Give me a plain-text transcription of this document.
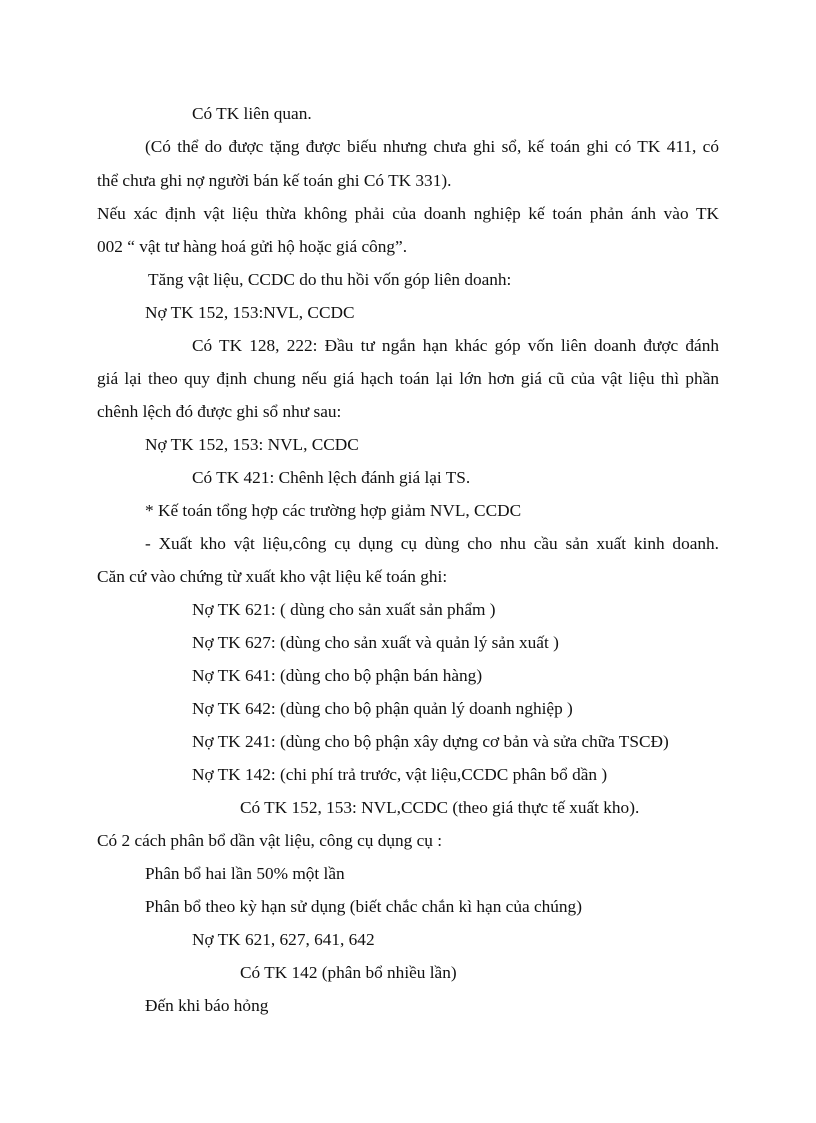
Có TK liên quan.

(Có thể do được tặng được biếu nhưng chưa ghi sổ, kế toán ghi có TK 411, có

thể chưa ghi nợ người bán kế toán ghi Có TK 331).

Nếu xác định vật liệu thừa không phải của doanh nghiệp kế toán phản ánh vào TK

002 “ vật tư hàng hoá gửi hộ hoặc giá công”.

Tăng vật liệu, CCDC do thu hồi vốn góp liên doanh:

Nợ TK 152, 153:NVL, CCDC

Có TK 128, 222: Đầu tư ngắn hạn khác góp vốn liên doanh được đánh

giá lại theo quy định chung nếu giá hạch toán lại lớn hơn giá cũ của vật liệu thì phần

chênh lệch đó được ghi sổ như sau:

Nợ TK 152, 153: NVL, CCDC

Có TK 421: Chênh lệch đánh giá lại TS.

* Kế toán tổng hợp các trường hợp giảm NVL, CCDC

- Xuất kho vật liệu,công cụ dụng cụ dùng cho nhu cầu sản xuất kinh doanh.

Căn cứ vào chứng từ xuất kho vật liệu kế toán ghi:

Nợ TK 621: ( dùng cho sản xuất sản phẩm )

Nợ TK 627: (dùng cho sản xuất và quản lý sản xuất )

Nợ TK 641: (dùng cho bộ phận bán hàng)

Nợ TK 642: (dùng cho bộ phận quản lý doanh nghiệp )

Nợ TK 241: (dùng cho bộ phận xây dựng cơ bản và sửa chữa TSCĐ)

Nợ TK 142: (chi phí trả trước, vật liệu,CCDC phân bổ dần )

Có TK 152, 153: NVL,CCDC (theo giá thực tế xuất kho).

Có 2 cách phân bổ dần vật liệu, công cụ dụng cụ :

Phân bổ hai lần 50% một lần

Phân bổ theo kỳ hạn sử dụng (biết chắc chắn kì hạn của chúng)

Nợ TK 621, 627, 641, 642

Có TK 142 (phân bổ nhiều lần)

Đến khi báo hỏng
